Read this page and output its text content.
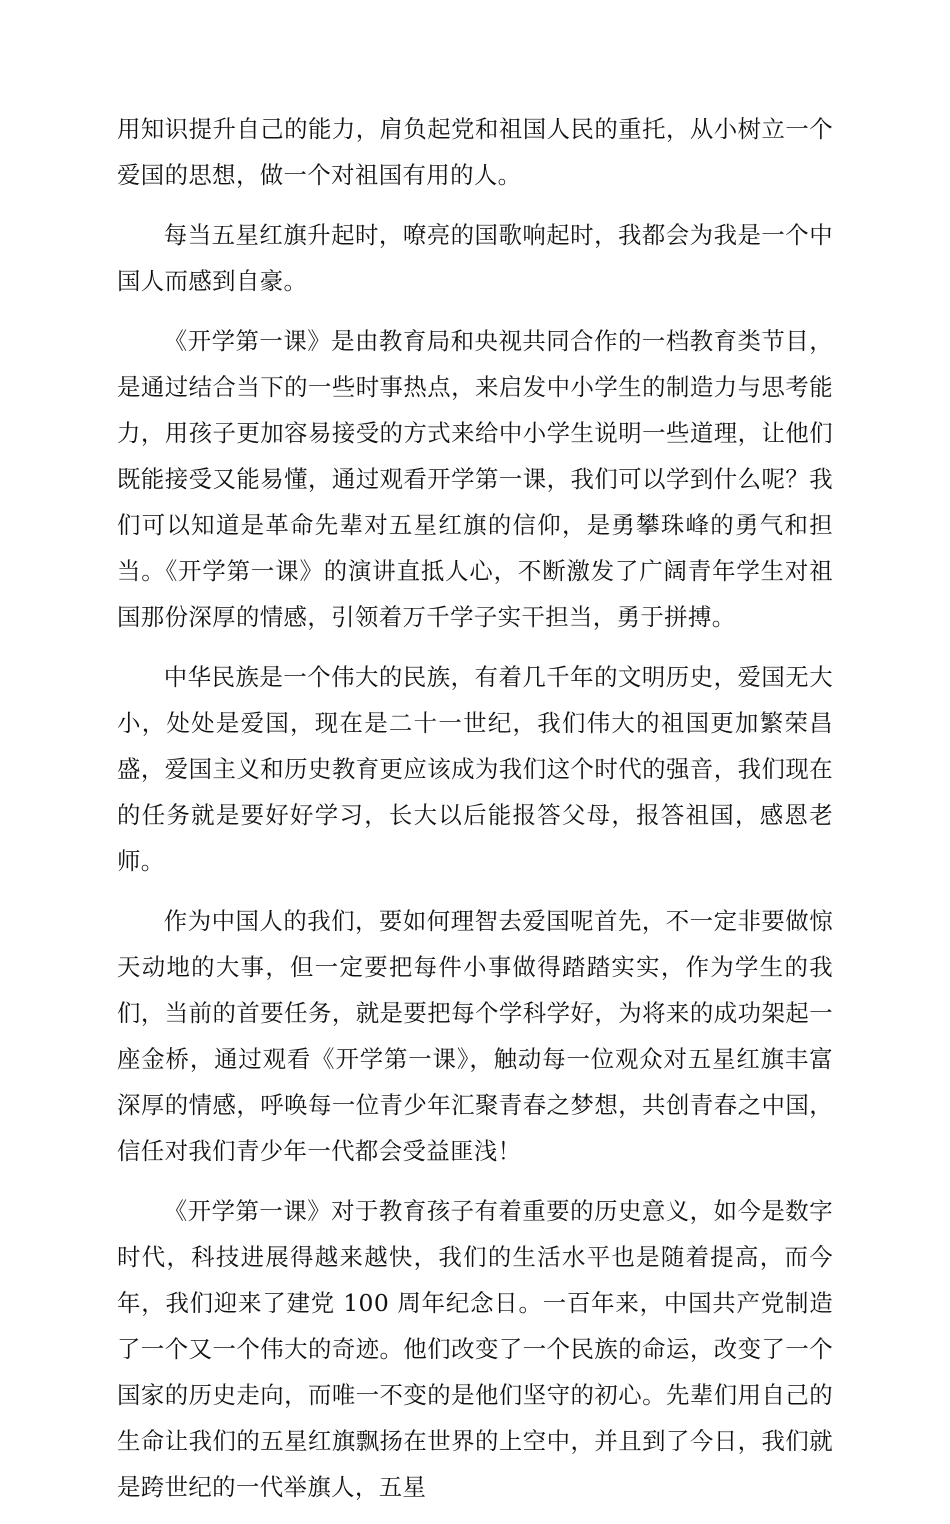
用知识提升自己的能力，肩负起党和祖国人民的重托，从小树立一个爱国的思想，做一个对祖国有用的人。

每当五星红旗升起时，嘹亮的国歌响起时，我都会为我是一个中国人而感到自豪。

《开学第一课》是由教育局和央视共同合作的一档教育类节目，是通过结合当下的一些时事热点，来启发中小学生的制造力与思考能力，用孩子更加容易接受的方式来给中小学生说明一些道理，让他们既能接受又能易懂，通过观看开学第一课，我们可以学到什么呢？我们可以知道是革命先辈对五星红旗的信仰，是勇攀珠峰的勇气和担当。《开学第一课》的演讲直抵人心，不断激发了广阔青年学生对祖国那份深厚的情感，引领着万千学子实干担当，勇于拼搏。

中华民族是一个伟大的民族，有着几千年的文明历史，爱国无大小，处处是爱国，现在是二十一世纪，我们伟大的祖国更加繁荣昌盛，爱国主义和历史教育更应该成为我们这个时代的强音，我们现在的任务就是要好好学习，长大以后能报答父母，报答祖国，感恩老师。

作为中国人的我们，要如何理智去爱国呢首先，不一定非要做惊天动地的大事，但一定要把每件小事做得踏踏实实，作为学生的我们，当前的首要任务，就是要把每个学科学好，为将来的成功架起一座金桥，通过观看《开学第一课》，触动每一位观众对五星红旗丰富深厚的情感，呼唤每一位青少年汇聚青春之梦想，共创青春之中国，信任对我们青少年一代都会受益匪浅！

《开学第一课》对于教育孩子有着重要的历史意义，如今是数字时代，科技进展得越来越快，我们的生活水平也是随着提高，而今年，我们迎来了建党 100 周年纪念日。一百年来，中国共产党制造了一个又一个伟大的奇迹。他们改变了一个民族的命运，改变了一个国家的历史走向，而唯一不变的是他们坚守的初心。先辈们用自己的生命让我们的五星红旗飘扬在世界的上空中，并且到了今日，我们就是跨世纪的一代举旗人，五星
